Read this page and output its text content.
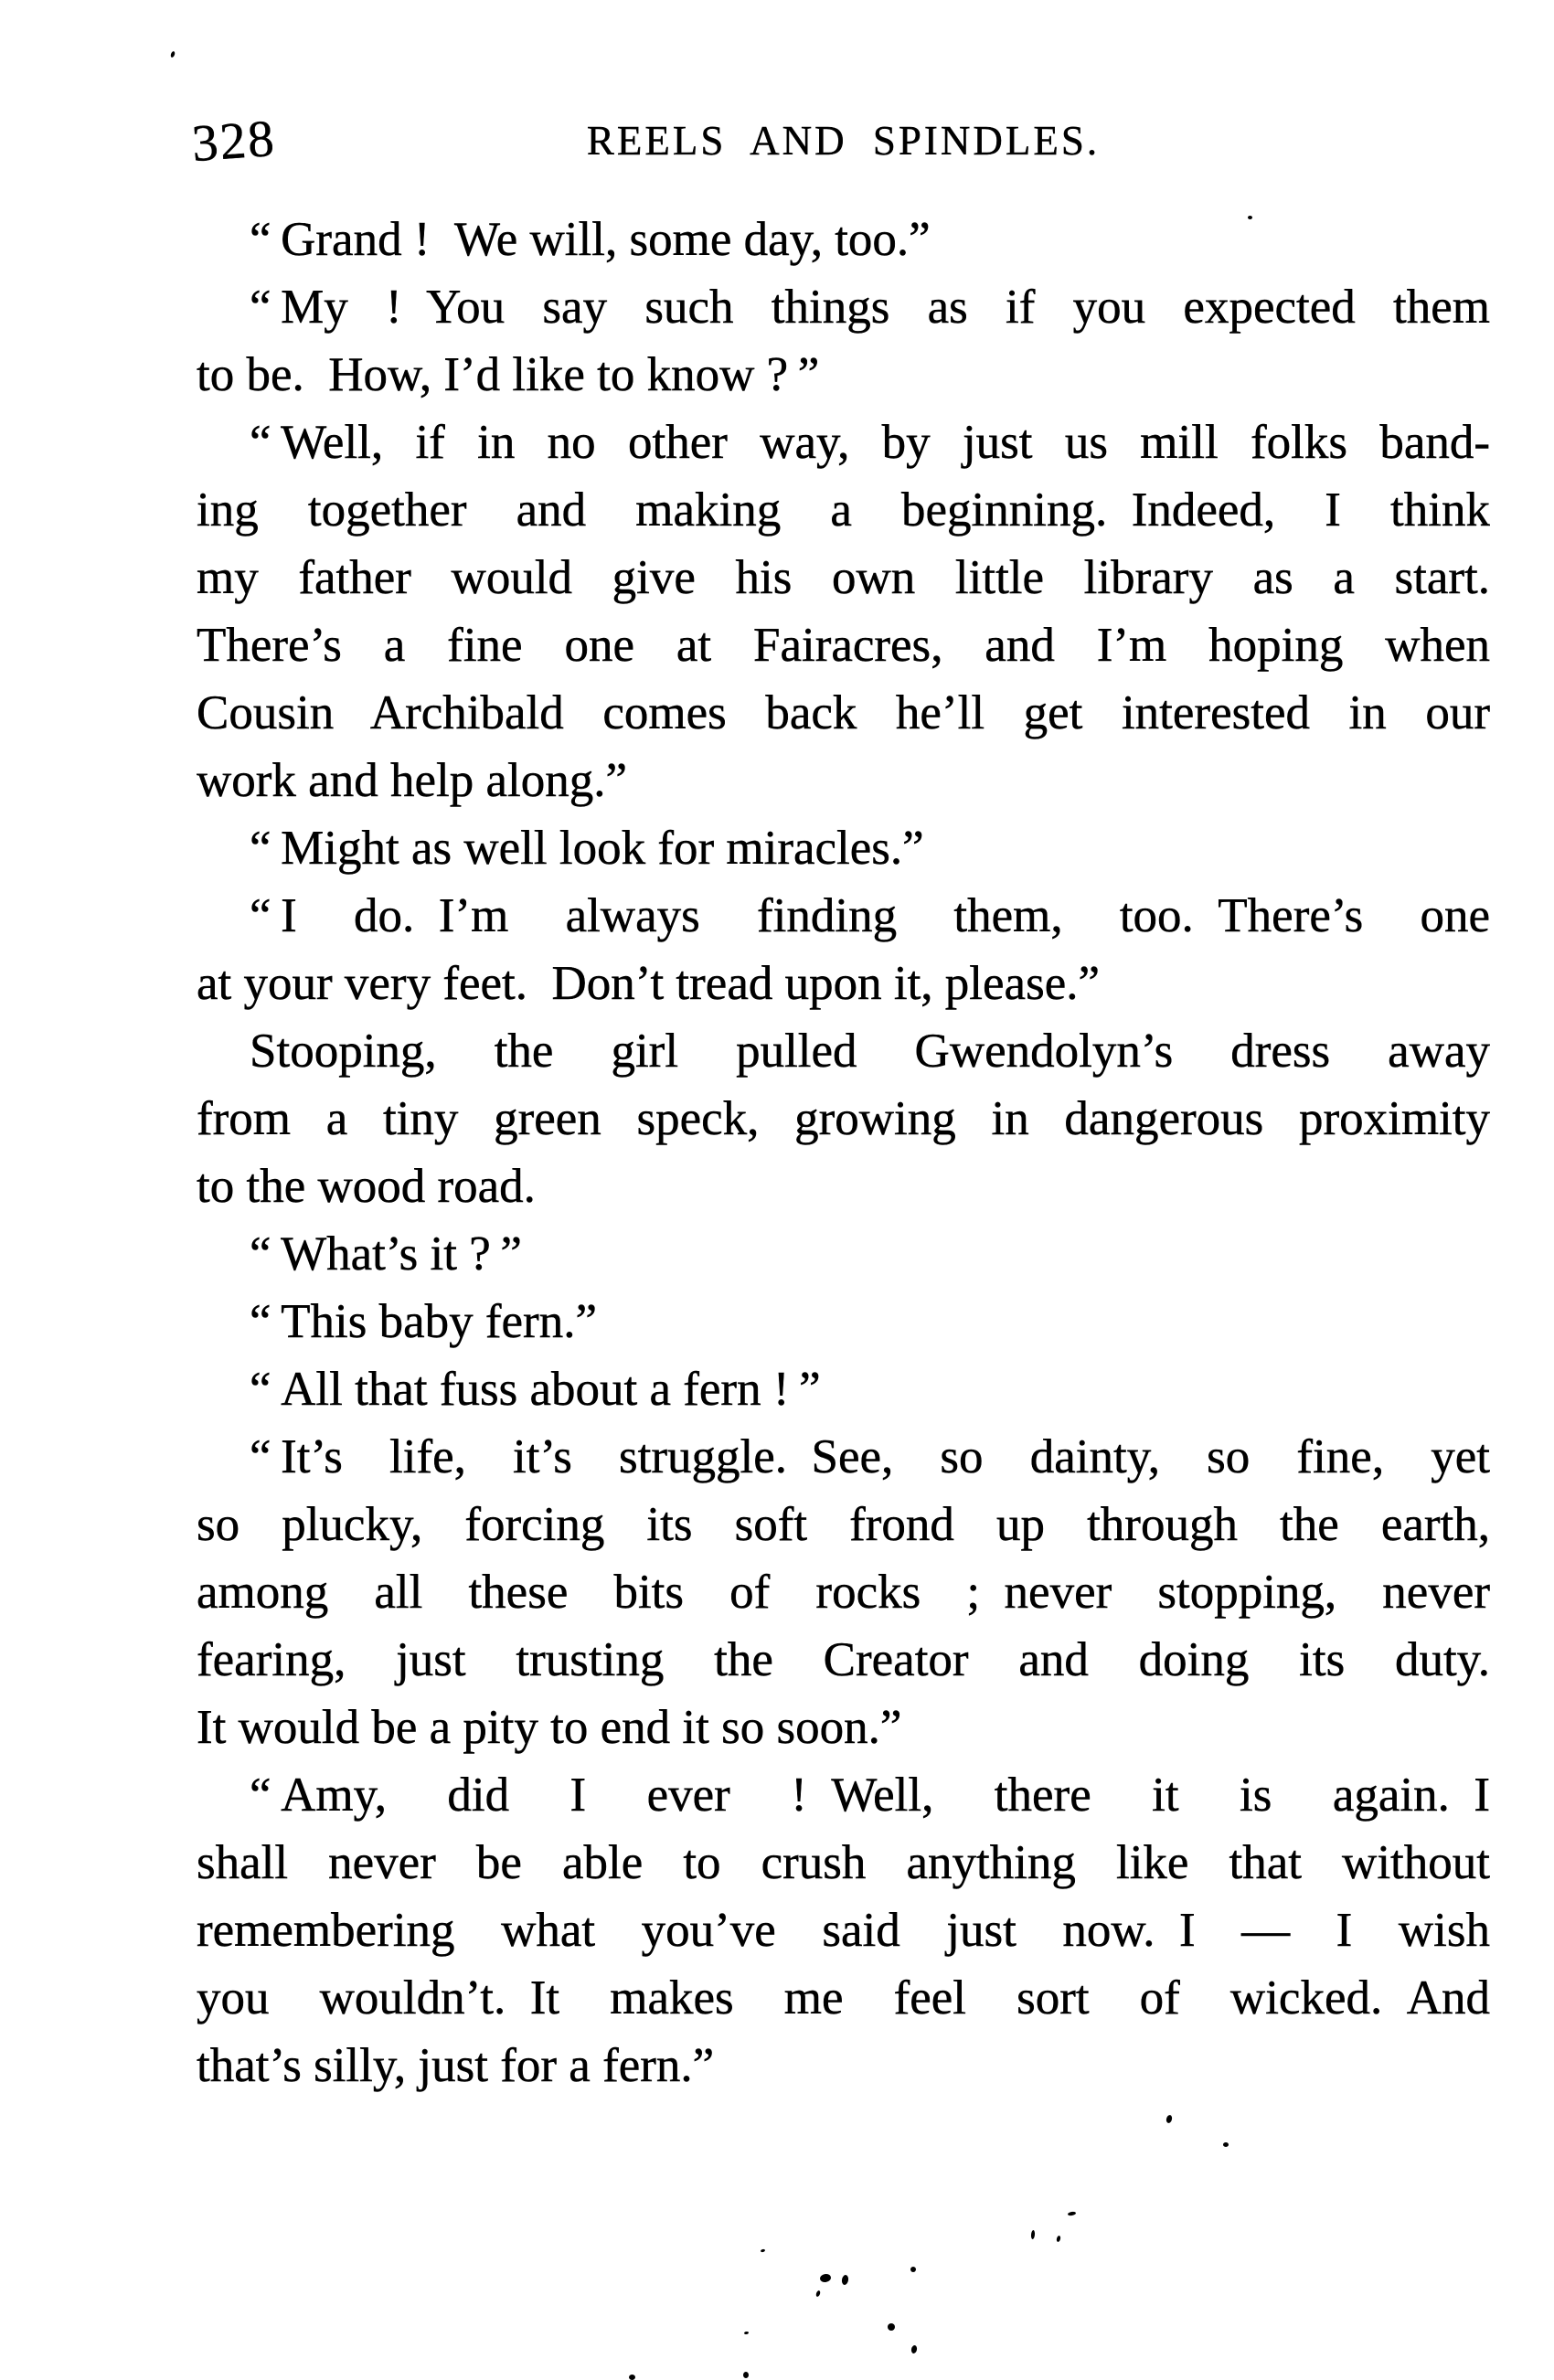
328	REELS AND SPINDLES.
“ Grand ! We will, some day, too.”
“ My ! You say such things as if you expected them
to be. How, I’d like to know ? ”
“ Well, if in no other way, by just us mill folks band-
ing together and making a beginning. Indeed, I think
my father would give his own little library as a start.
There’s a fine one at Fairacres, and I’m hoping when
Cousin Archibald comes back he’ll get interested in our
work and help along.”
“ Might as well look for miracles.”
“ I do. I’m always finding them, too. There’s one
at your very feet. Don’t tread upon it, please.”
Stooping, the girl pulled Gwendolyn’s dress away
from a tiny green speck, growing in dangerous proximity
to the wood road.
“ What’s it ? ”
“ This baby fern.”
“ All that fuss about a fern ! ”
“ It’s life, it’s struggle. See, so dainty, so fine, yet
so plucky, forcing its soft frond up through the earth,
among all these bits of rocks ; never stopping, never
fearing, just trusting the Creator and doing its duty.
It would be a pity to end it so soon.”
“ Amy, did I ever ! Well, there it is again. I
shall never be able to crush anything like that without
remembering what you’ve said just now. I — I wish
you wouldn’t. It makes me feel sort of wicked. And
that’s silly, just for a fern.”
